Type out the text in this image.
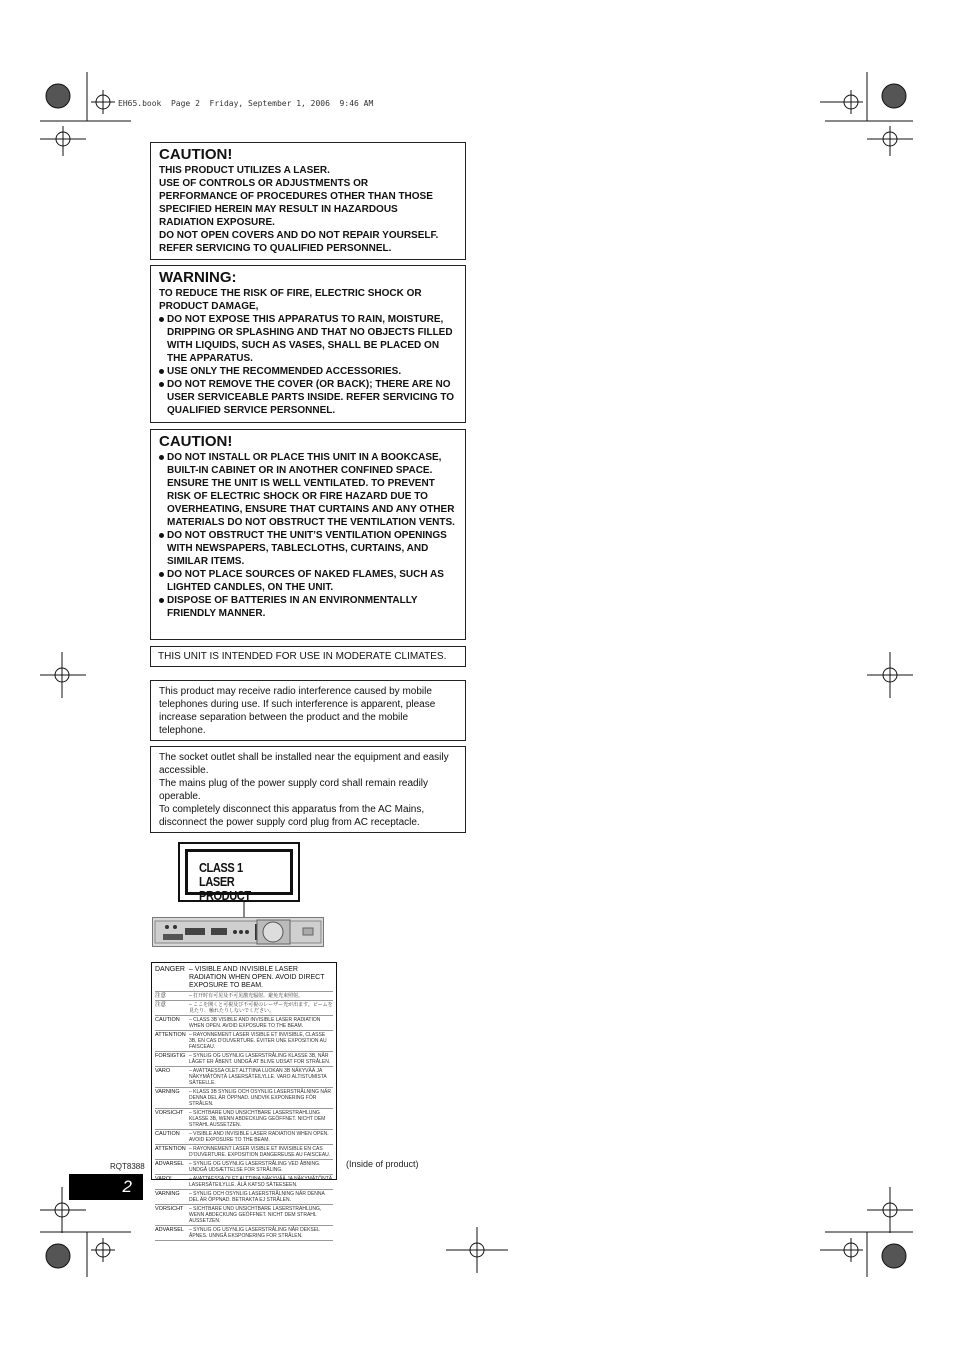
EH65.book  Page 2  Friday, September 1, 2006  9:46 AM
CAUTION!

THIS PRODUCT UTILIZES A LASER.

USE OF CONTROLS OR ADJUSTMENTS OR

PERFORMANCE OF PROCEDURES OTHER THAN THOSE

SPECIFIED HEREIN MAY RESULT IN HAZARDOUS

RADIATION EXPOSURE.

DO NOT OPEN COVERS AND DO NOT REPAIR YOURSELF.

REFER SERVICING TO QUALIFIED PERSONNEL.

WARNING:

TO REDUCE THE RISK OF FIRE, ELECTRIC SHOCK OR PRODUCT DAMAGE,

DO NOT EXPOSE THIS APPARATUS TO RAIN, MOISTURE, DRIPPING OR SPLASHING AND THAT NO OBJECTS FILLED WITH LIQUIDS, SUCH AS VASES, SHALL BE PLACED ON THE APPARATUS.

USE ONLY THE RECOMMENDED ACCESSORIES.

DO NOT REMOVE THE COVER (OR BACK); THERE ARE NO USER SERVICEABLE PARTS INSIDE. REFER SERVICING TO QUALIFIED SERVICE PERSONNEL.

CAUTION!

DO NOT INSTALL OR PLACE THIS UNIT IN A BOOKCASE, BUILT-IN CABINET OR IN ANOTHER CONFINED SPACE. ENSURE THE UNIT IS WELL VENTILATED. TO PREVENT RISK OF ELECTRIC SHOCK OR FIRE HAZARD DUE TO OVERHEATING, ENSURE THAT CURTAINS AND ANY OTHER MATERIALS DO NOT OBSTRUCT THE VENTILATION VENTS.

DO NOT OBSTRUCT THE UNIT’S VENTILATION OPENINGS WITH NEWSPAPERS, TABLECLOTHS, CURTAINS, AND SIMILAR ITEMS.

DO NOT PLACE SOURCES OF NAKED FLAMES, SUCH AS LIGHTED CANDLES, ON THE UNIT.

DISPOSE OF BATTERIES IN AN ENVIRONMENTALLY FRIENDLY MANNER.

THIS UNIT IS INTENDED FOR USE IN MODERATE CLIMATES.

This product may receive radio interference caused by mobile telephones during use. If such interference is apparent, please increase separation between the product and the mobile telephone.

The socket outlet shall be installed near the equipment and easily accessible.

The mains plug of the power supply cord shall remain readily operable.

To completely disconnect this apparatus from the AC Mains, disconnect the power supply cord plug from AC receptacle.

CLASS 1
LASER PRODUCT
DANGER – VISIBLE AND INVISIBLE LASER RADIATION WHEN OPEN. AVOID DIRECT EXPOSURE TO BEAM.
注意	– 打开时有可见及不可见激光辐射。避免光束照射。
注意	– ここを開くと可視及び不可視のレーザー光が出ます。ビームを見たり、触れたりしないでください。
CAUTION	– CLASS 3B VISIBLE AND INVISIBLE LASER RADIATION WHEN OPEN. AVOID EXPOSURE TO THE BEAM.
ATTENTION – RAYONNEMENT LASER VISIBLE ET INVISIBLE, CLASSE 3B, EN CAS D'OUVERTURE. ÉVITER UNE EXPOSITION AU FAISCEAU.
FORSIGTIG – SYNLIG OG USYNLIG LASERSTRÅLING KLASSE 3B, NÅR LÅGET ER ÅBENT. UNDGÅ AT BLIVE UDSAT FOR STRÅLEN.
VARO	– AVATTAESSA OLET ALTTIINA LUOKAN 3B NÄKYVÄÄ JA NÄKYMÄTÖNTÄ LASERSÄTEILYLLE. VARO ALTISTUMISTA SÄTEELLE.
VARNING	– KLASS 3B SYNLIG OCH OSYNLIG LASERSTRÅLNING NÄR DENNA DEL ÄR ÖPPNAD. UNDVIK EXPONERING FÖR STRÅLEN.
VORSICHT	– SICHTBARE UND UNSICHTBARE LASERSTRAHLUNG KLASSE 3B, WENN ABDECKUNG GEÖFFNET. NICHT DEM STRAHL AUSSETZEN.
CAUTION	– VISIBLE AND INVISIBLE LASER RADIATION WHEN OPEN. AVOID EXPOSURE TO THE BEAM.
ATTENTION – RAYONNEMENT LASER VISIBLE ET INVISIBLE EN CAS D'OUVERTURE. EXPOSITION DANGEREUSE AU FAISCEAU.
ADVARSEL	– SYNLIG OG USYNLIG LASERSTRÅLING VED ÅBNING. UNDGÅ UDSÆTTELSE FOR STRÅLING.
VARO!	– AVATTAESSA OLET ALTTIINA NÄKYVÄÄ JA NÄKYMÄTÖNTÄ LASERSÄTEILYLLE. ÄLÄ KATSO SÄTEESEEN.
VARNING	– SYNLIG OCH OSYNLIG LASERSTRÅLNING NÄR DENNA DEL ÄR ÖPPNAD. BETRAKTA EJ STRÅLEN.
VORSICHT	– SICHTBARE UND UNSICHTBARE LASERSTRAHLUNG, WENN ABDECKUNG GEÖFFNET. NICHT DEM STRAHL AUSSETZEN.
ADVARSEL	– SYNLIG OG USYNLIG LASERSTRÅLING NÅR DEKSEL ÅPNES. UNNGÅ EKSPONERING FOR STRÅLEN.
RQT8388
2
(Inside of product)
